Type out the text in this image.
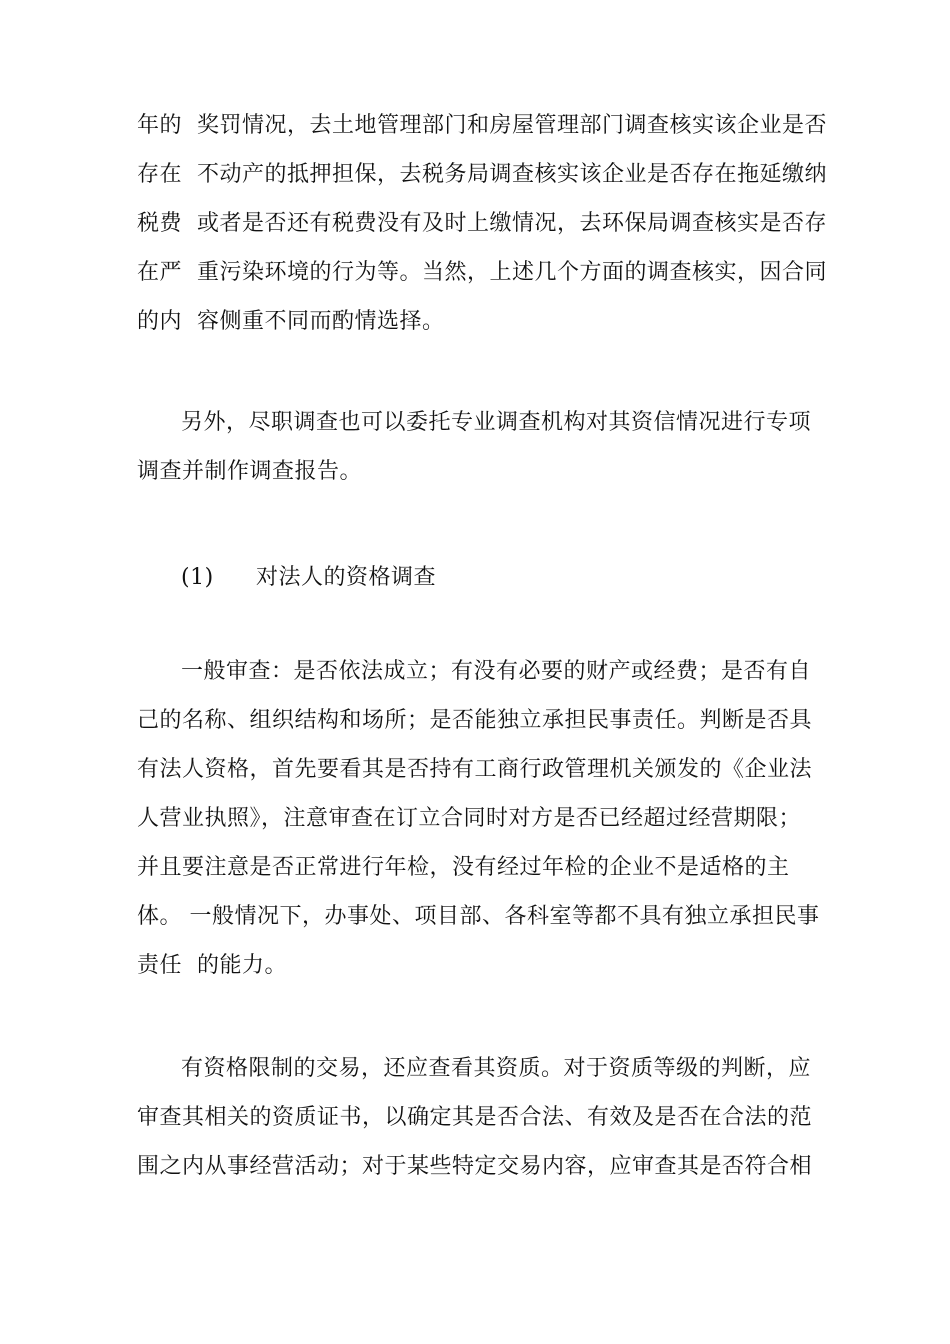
年的  奖罚情况，去土地管理部门和房屋管理部门调查核实该企业是否
存在  不动产的抵押担保，去税务局调查核实该企业是否存在拖延缴纳
税费  或者是否还有税费没有及时上缴情况，去环保局调查核实是否存
在严  重污染环境的行为等。当然，上述几个方面的调查核实，因合同
的内  容侧重不同而酌情选择。
另外，尽职调查也可以委托专业调查机构对其资信情况进行专项
调查并制作调查报告。
(1) 对法人的资格调查
一般审查：是否依法成立；有没有必要的财产或经费；是否有自
己的名称、组织结构和场所；是否能独立承担民事责任。判断是否具
有法人资格，首先要看其是否持有工商行政管理机关颁发的《企业法
人营业执照》，注意审查在订立合同时对方是否已经超过经营期限；
并且要注意是否正常进行年检，没有经过年检的企业不是适格的主
体。 一般情况下，办事处、项目部、各科室等都不具有独立承担民事
责任  的能力。
有资格限制的交易，还应查看其资质。对于资质等级的判断，应
审查其相关的资质证书，以确定其是否合法、有效及是否在合法的范
围之内从事经营活动；对于某些特定交易内容，应审查其是否符合相
